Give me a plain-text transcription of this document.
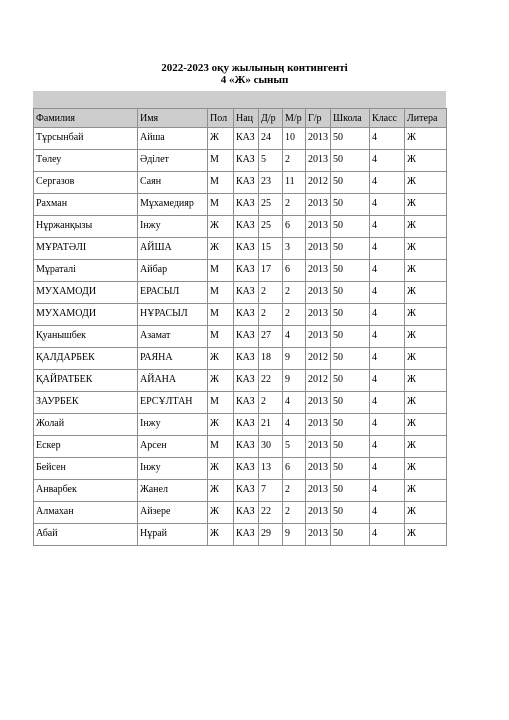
2022-2023 оқу жылының контингенті
4 «Ж» сынып
Фамилия	Имя	Пол	Нац	Д/р	М/р	Г/р	Школа	Класс	Литера
Тұрсынбай	Айша	Ж	КАЗ	24	10	2013	50	4	Ж
Төлеу	Әділет	М	КАЗ	5	2	2013	50	4	Ж
Сергазов	Саян	М	КАЗ	23	11	2012	50	4	Ж
Рахман	Мұхамедияр	М	КАЗ	25	2	2013	50	4	Ж
Нұржанқызы	Інжу	Ж	КАЗ	25	6	2013	50	4	Ж
МҰРАТӘЛІ	АЙША	Ж	КАЗ	15	3	2013	50	4	Ж
Мұраталі	Айбар	М	КАЗ	17	6	2013	50	4	Ж
МУХАМОДИ	ЕРАСЫЛ	М	КАЗ	2	2	2013	50	4	Ж
МУХАМОДИ	НҰРАСЫЛ	М	КАЗ	2	2	2013	50	4	Ж
Қуанышбек	Азамат	М	КАЗ	27	4	2013	50	4	Ж
ҚАЛДАРБЕК	РАЯНА	Ж	КАЗ	18	9	2012	50	4	Ж
ҚАЙРАТБЕК	АЙАНА	Ж	КАЗ	22	9	2012	50	4	Ж
ЗАУРБЕК	ЕРСҰЛТАН	М	КАЗ	2	4	2013	50	4	Ж
Жолай	Інжу	Ж	КАЗ	21	4	2013	50	4	Ж
Ескер	Арсен	М	КАЗ	30	5	2013	50	4	Ж
Бейсен	Інжу	Ж	КАЗ	13	6	2013	50	4	Ж
Анварбек	Жанел	Ж	КАЗ	7	2	2013	50	4	Ж
Алмахан	Айзере	Ж	КАЗ	22	2	2013	50	4	Ж
Абай	Нұрай	Ж	КАЗ	29	9	2013	50	4	Ж
